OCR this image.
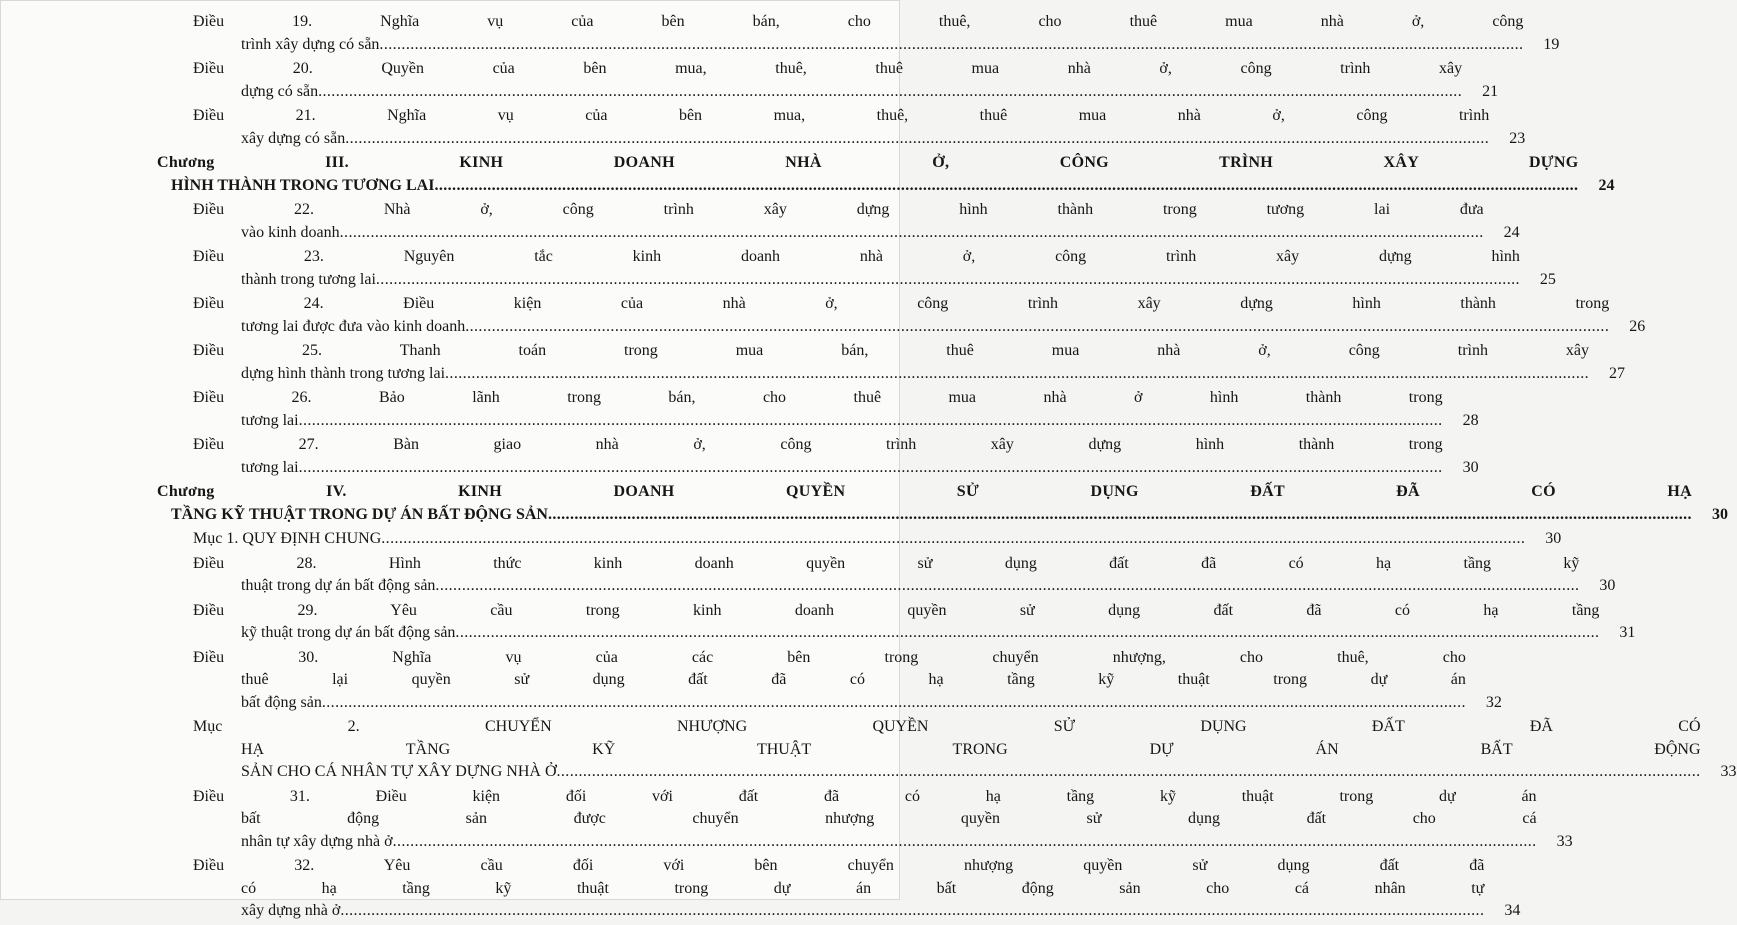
Điều 19. Nghĩa vụ của bên bán, cho thuê, cho thuê mua nhà ở, công
trình xây dựng có sẵn ....................................................................................................................................................................................................................................................................	19
Điều 20. Quyền của bên mua, thuê, thuê mua nhà ở, công trình xây
dựng có sẵn ....................................................................................................................................................................................................................................................................	21
Điều 21. Nghĩa vụ của bên mua, thuê, thuê mua nhà ở, công trình
xây dựng có sẵn ....................................................................................................................................................................................................................................................................	23
Chương III. KINH DOANH NHÀ Ở, CÔNG TRÌNH XÂY DỰNG
HÌNH THÀNH TRONG TƯƠNG LAI ....................................................................................................................................................................................................................................................................	24
Điều 22. Nhà ở, công trình xây dựng hình thành trong tương lai đưa
vào kinh doanh ....................................................................................................................................................................................................................................................................	24
Điều 23. Nguyên tắc kinh doanh nhà ở, công trình xây dựng hình
thành trong tương lai ....................................................................................................................................................................................................................................................................	25
Điều 24. Điều kiện của nhà ở, công trình xây dựng hình thành trong
tương lai được đưa vào kinh doanh ....................................................................................................................................................................................................................................................................	26
Điều 25. Thanh toán trong mua bán, thuê mua nhà ở, công trình xây
dựng hình thành trong tương lai ....................................................................................................................................................................................................................................................................	27
Điều 26. Bảo lãnh trong bán, cho thuê mua nhà ở hình thành trong
tương lai ....................................................................................................................................................................................................................................................................	28
Điều 27. Bàn giao nhà ở, công trình xây dựng hình thành trong
tương lai ....................................................................................................................................................................................................................................................................	30
Chương IV. KINH DOANH QUYỀN SỬ DỤNG ĐẤT ĐÃ CÓ HẠ
TẦNG KỸ THUẬT TRONG DỰ ÁN BẤT ĐỘNG SẢN ....................................................................................................................................................................................................................................................................	30
Mục 1. QUY ĐỊNH CHUNG ....................................................................................................................................................................................................................................................................	30
Điều 28. Hình thức kinh doanh quyền sử dụng đất đã có hạ tầng kỹ
thuật trong dự án bất động sản ....................................................................................................................................................................................................................................................................	30
Điều 29. Yêu cầu trong kinh doanh quyền sử dụng đất đã có hạ tầng
kỹ thuật trong dự án bất động sản ....................................................................................................................................................................................................................................................................	31
Điều 30. Nghĩa vụ của các bên trong chuyển nhượng, cho thuê, cho
thuê lại quyền sử dụng đất đã có hạ tầng kỹ thuật trong dự án
bất động sản ....................................................................................................................................................................................................................................................................	32
Mục 2. CHUYỂN NHƯỢNG QUYỀN SỬ DỤNG ĐẤT ĐÃ CÓ
HẠ TẦNG KỸ THUẬT TRONG DỰ ÁN BẤT ĐỘNG
SẢN CHO CÁ NHÂN TỰ XÂY DỰNG NHÀ Ở ....................................................................................................................................................................................................................................................................	33
Điều 31. Điều kiện đối với đất đã có hạ tầng kỹ thuật trong dự án
bất động sản được chuyển nhượng quyền sử dụng đất cho cá
nhân tự xây dựng nhà ở ....................................................................................................................................................................................................................................................................	33
Điều 32. Yêu cầu đối với bên chuyển nhượng quyền sử dụng đất đã
có hạ tầng kỹ thuật trong dự án bất động sản cho cá nhân tự
xây dựng nhà ở ....................................................................................................................................................................................................................................................................	34
